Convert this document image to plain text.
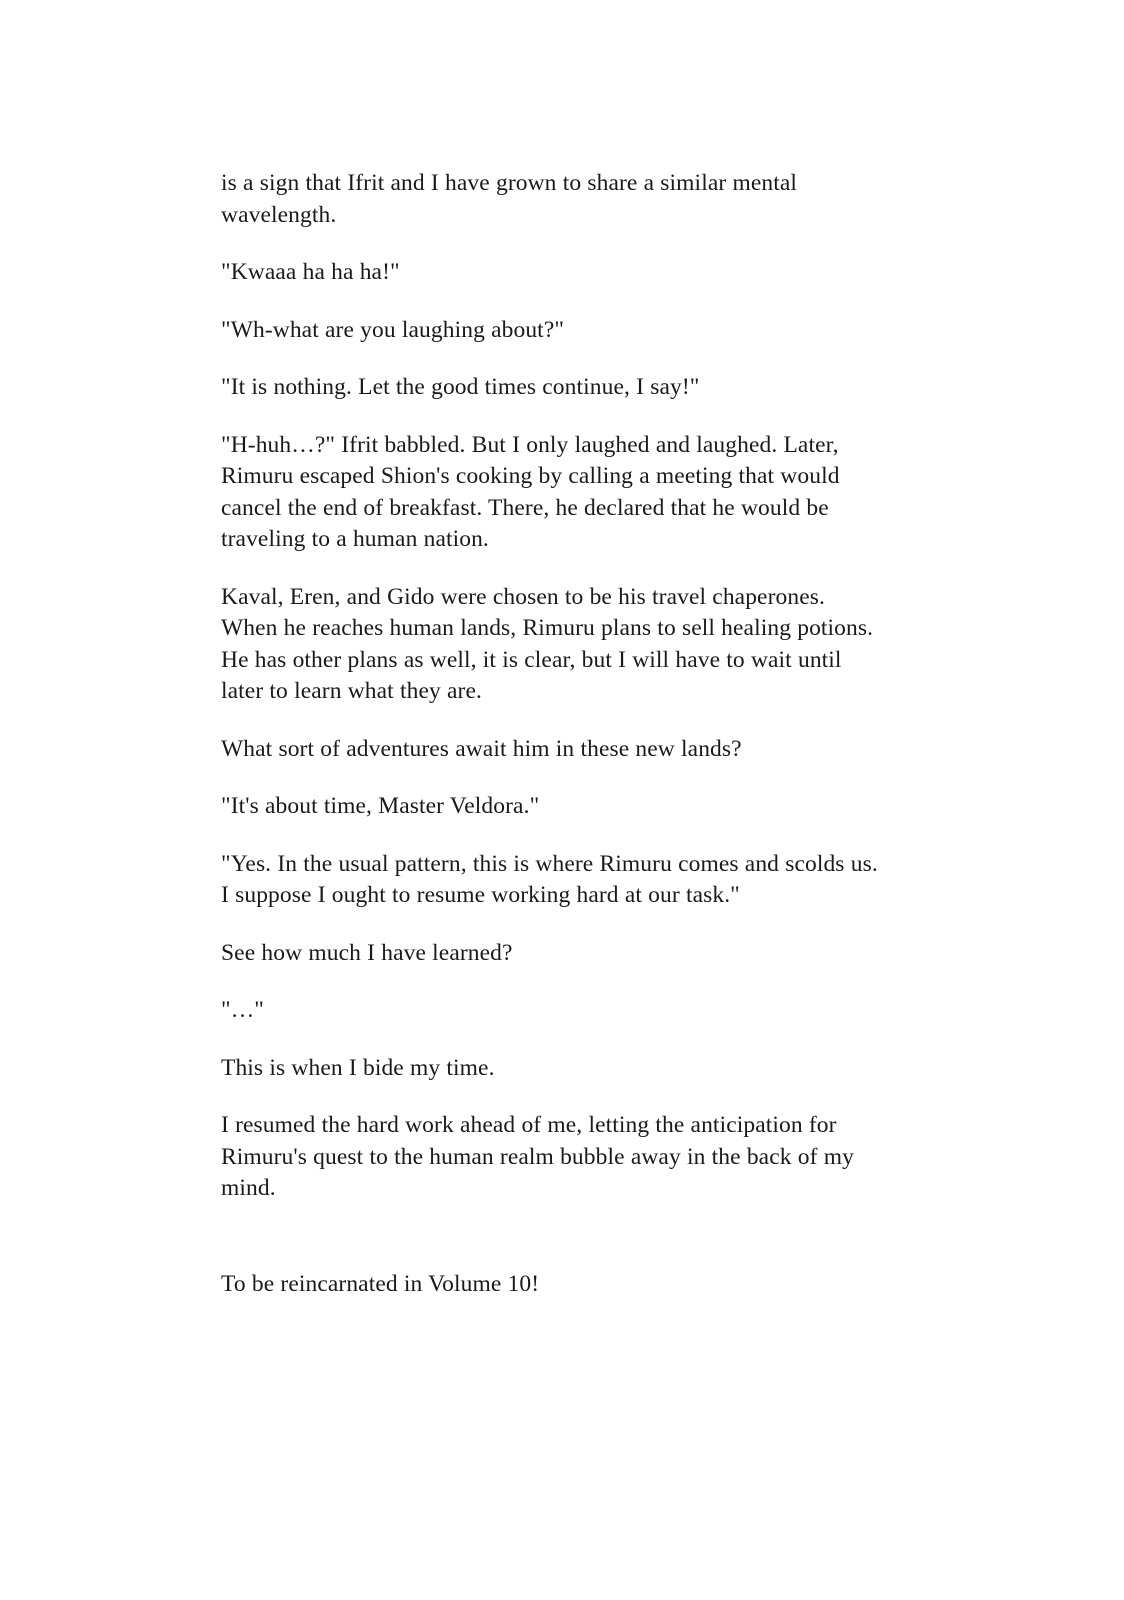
is a sign that Ifrit and I have grown to share a similar mental wavelength.

"Kwaaa ha ha ha!"

"Wh-what are you laughing about?"

"It is nothing. Let the good times continue, I say!"

"H-huh…?" Ifrit babbled. But I only laughed and laughed. Later, Rimuru escaped Shion's cooking by calling a meeting that would cancel the end of breakfast. There, he declared that he would be traveling to a human nation.

Kaval, Eren, and Gido were chosen to be his travel chaperones. When he reaches human lands, Rimuru plans to sell healing potions. He has other plans as well, it is clear, but I will have to wait until later to learn what they are.

What sort of adventures await him in these new lands?

"It's about time, Master Veldora."

"Yes. In the usual pattern, this is where Rimuru comes and scolds us. I suppose I ought to resume working hard at our task."

See how much I have learned?

"…"

This is when I bide my time.

I resumed the hard work ahead of me, letting the anticipation for Rimuru's quest to the human realm bubble away in the back of my mind.

To be reincarnated in Volume 10!
